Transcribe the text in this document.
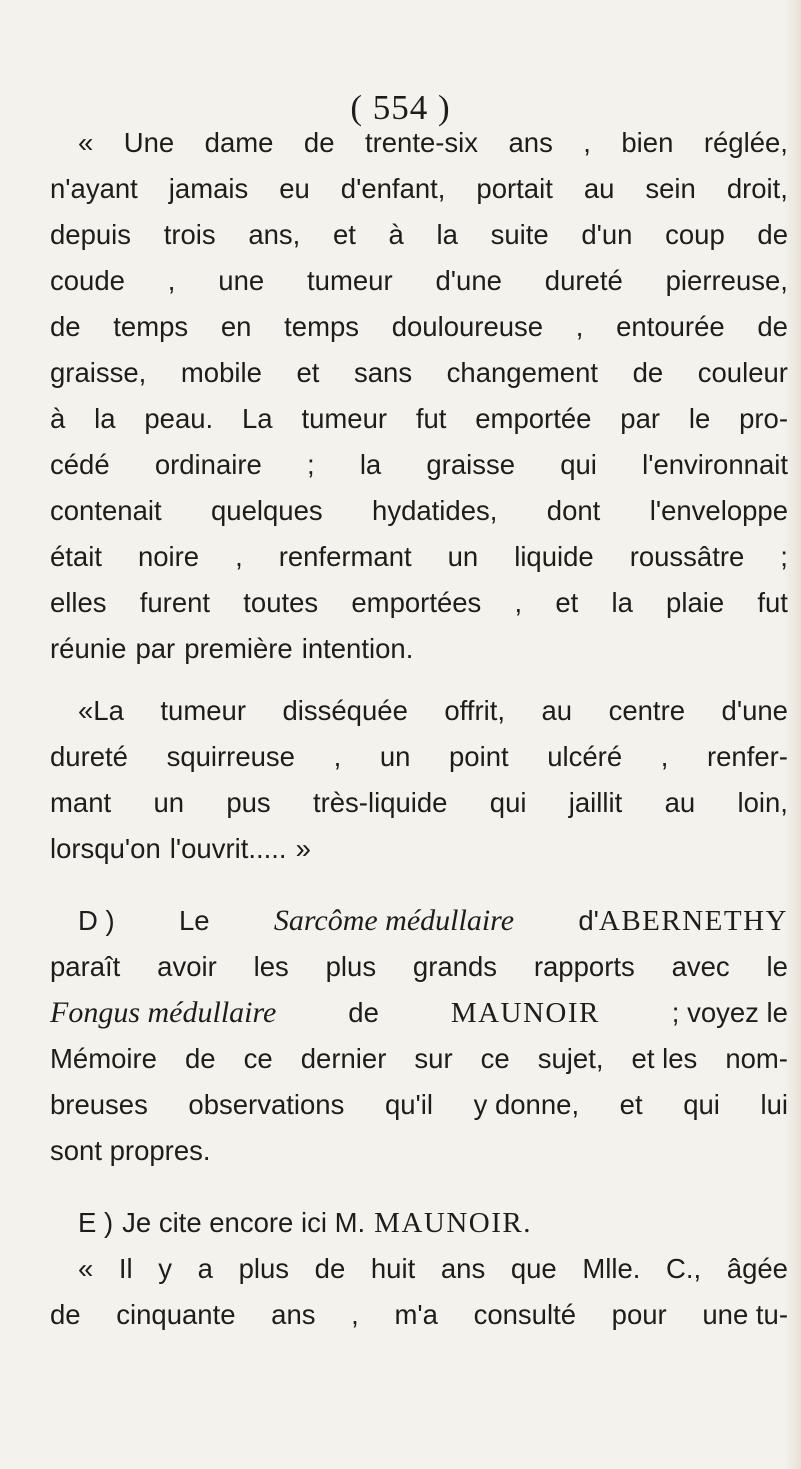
( 554 )
« Une dame de trente-six ans , bien réglée,
n'ayant jamais eu d'enfant, portait au sein droit,
depuis trois ans, et à la suite d'un coup de
coude , une tumeur d'une dureté pierreuse,
de temps en temps douloureuse , entourée de
graisse, mobile et sans changement de couleur
à la peau. La tumeur fut emportée par le pro-
cédé ordinaire ; la graisse qui l'environnait
contenait quelques hydatides, dont l'enveloppe
était noire , renfermant un liquide roussâtre ;
elles furent toutes emportées , et la plaie fut
réunie par première intention.
«La tumeur disséquée offrit, au centre d'une
dureté squirreuse , un point ulcéré , renfer-
mant un pus très-liquide qui jaillit au loin,
lorsqu'on l'ouvrit..... »
D ) Le Sarcôme médullaire d'ABERNETHY
paraît avoir les plus grands rapports avec le
Fongus médullaire	de MAUNOIR	; voyez le
Mémoire de ce dernier sur ce sujet, et les nom-
breuses observations qu'il y donne, et qui lui
sont propres.
E ) Je cite encore ici M. MAUNOIR.
« Il y a plus de huit ans que Mlle. C., âgée
de cinquante ans , m'a consulté pour une tu-
